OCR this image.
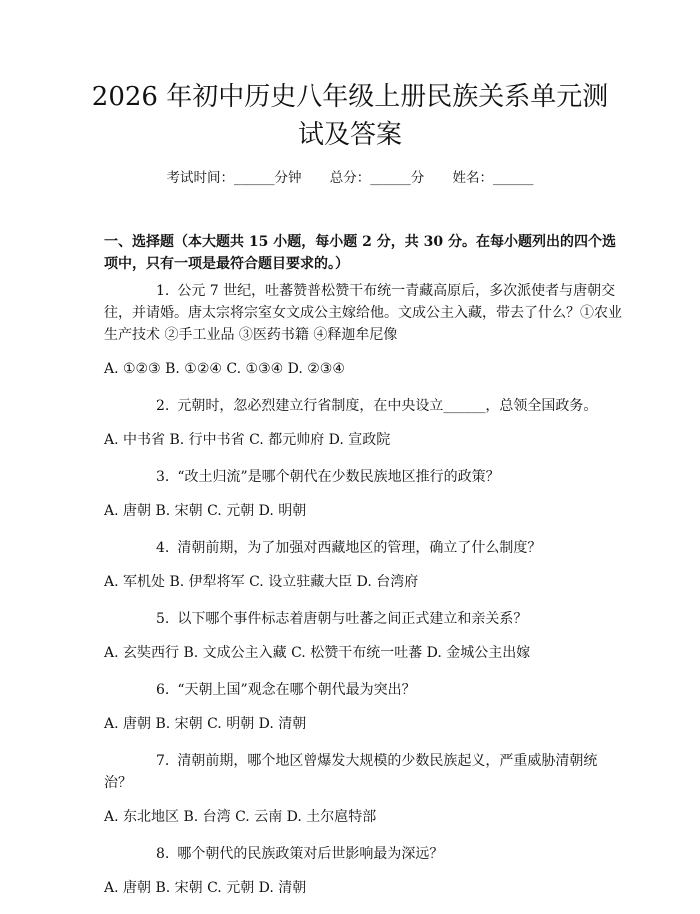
2026 年初中历史八年级上册民族关系单元测
试及答案
考试时间：______分钟 总分：______分 姓名：______

一、选择题（本大题共 15 小题，每小题 2 分，共 30 分。在每小题列出的四个选项中，只有一项是最符合题目要求的。）

1. 公元 7 世纪，吐蕃赞普松赞干布统一青藏高原后，多次派使者与唐朝交往，并请婚。唐太宗将宗室女文成公主嫁给他。文成公主入藏，带去了什么？①农业生产技术 ②手工业品 ③医药书籍 ④释迦牟尼像

A. ①②③ B. ①②④ C. ①③④ D. ②③④

2. 元朝时，忽必烈建立行省制度，在中央设立______，总领全国政务。

A. 中书省 B. 行中书省 C. 都元帅府 D. 宣政院

3. “改土归流”是哪个朝代在少数民族地区推行的政策？

A. 唐朝 B. 宋朝 C. 元朝 D. 明朝

4. 清朝前期，为了加强对西藏地区的管理，确立了什么制度？

A. 军机处 B. 伊犁将军 C. 设立驻藏大臣 D. 台湾府

5. 以下哪个事件标志着唐朝与吐蕃之间正式建立和亲关系？

A. 玄奘西行 B. 文成公主入藏 C. 松赞干布统一吐蕃 D. 金城公主出嫁

6. “天朝上国”观念在哪个朝代最为突出？

A. 唐朝 B. 宋朝 C. 明朝 D. 清朝

7. 清朝前期，哪个地区曾爆发大规模的少数民族起义，严重威胁清朝统治？

A. 东北地区 B. 台湾 C. 云南 D. 土尔扈特部

8. 哪个朝代的民族政策对后世影响最为深远？

A. 唐朝 B. 宋朝 C. 元朝 D. 清朝
